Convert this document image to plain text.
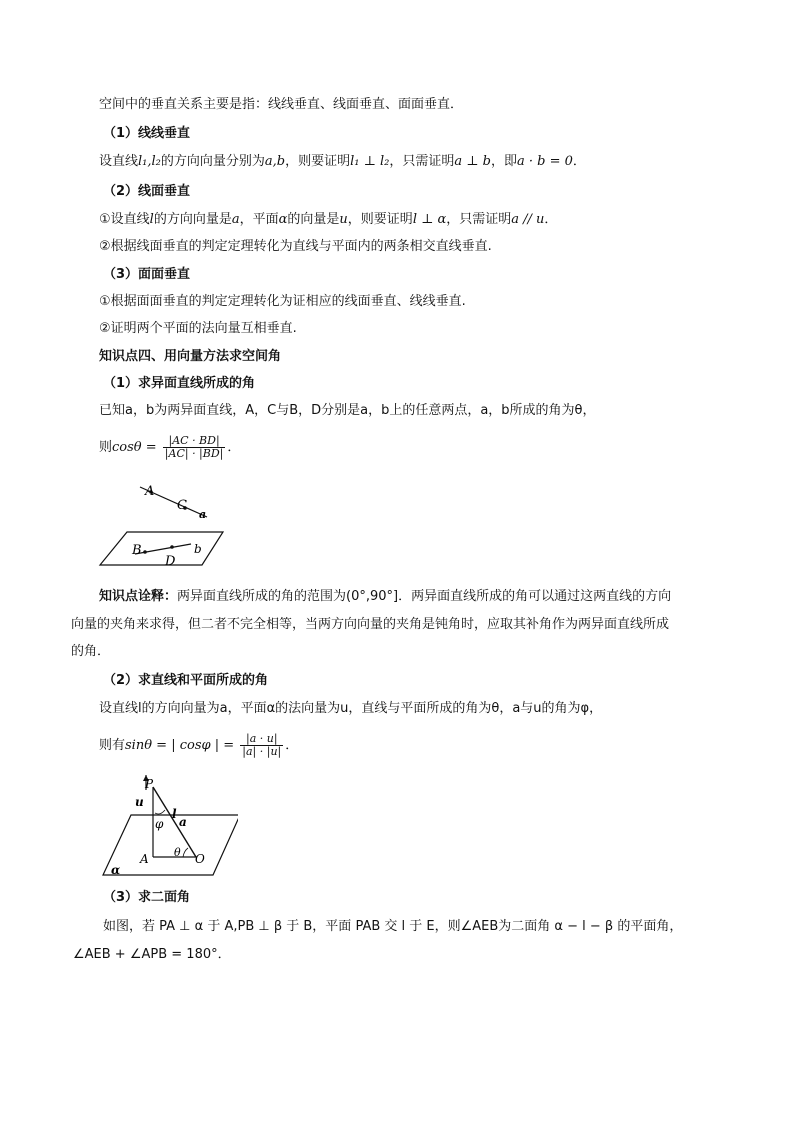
空间中的垂直关系主要是指：线线垂直、线面垂直、面面垂直．
（1）线线垂直
设直线l₁,l₂的方向向量分别为a,b，则要证明l₁ ⊥ l₂，只需证明a ⊥ b，即a · b = 0．
（2）线面垂直
①设直线l的方向向量是a，平面α的向量是u，则要证明l ⊥ α，只需证明a // u．
②根据线面垂直的判定定理转化为直线与平面内的两条相交直线垂直.
（3）面面垂直
①根据面面垂直的判定定理转化为证相应的线面垂直、线线垂直.
②证明两个平面的法向量互相垂直.
知识点四、用向量方法求空间角
（1）求异面直线所成的角
已知a，b为两异面直线，A，C与B，D分别是a，b上的任意两点，a，b所成的角为θ，
则$\cos\theta = \frac{|AC \cdot BD|}{|AC| \cdot |BD|}$ ．
A
C
a
B	b
D
知识点诠释：两异面直线所成的角的范围为(0°,90°]．两异面直线所成的角可以通过这两直线的方向
向量的夹角来求得，但二者不完全相等，当两方向向量的夹角是钝角时，应取其补角作为两异面直线所成
的角．
（2）求直线和平面所成的角
设直线l的方向向量为a，平面α的法向量为u，直线与平面所成的角为θ，a与u的角为φ，
则有sinθ = | cosφ | = $\frac{|a \cdot u|}{|a| \cdot |u|}$ ．
P
u
l
φ a
A θ O
α
（3）求二面角
如图，若 PA ⊥ α 于 A,PB ⊥ β 于 B，平面 PAB 交 l 于 E，则∠AEB为二面角 α − l − β 的平面角，
∠AEB + ∠APB = 180°．
